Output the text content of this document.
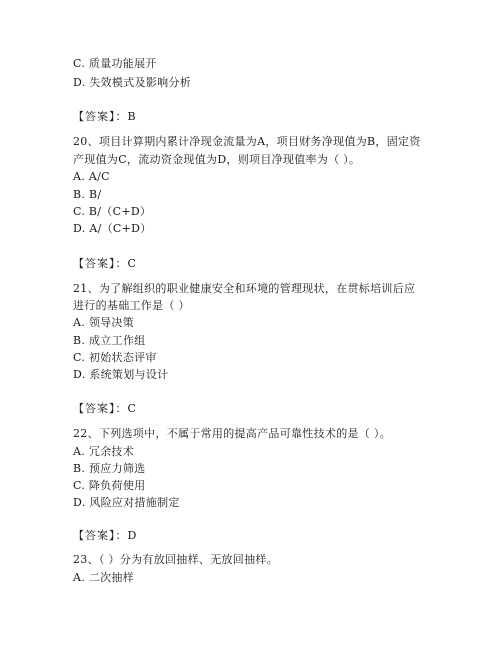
C. 质量功能展开
D. 失效模式及影响分析
【答案】：B
20、项目计算期内累计净现金流量为A，项目财务净现值为B，固定资
产现值为C，流动资金现值为D，则项目净现值率为（ ）。
A. A/C
B. B/
C. B/（C+D）
D. A/（C+D）
【答案】：C
21、为了解组织的职业健康安全和环境的管理现状，在贯标培训后应
进行的基础工作是（ ）
A. 领导决策
B. 成立工作组
C. 初始状态评审
D. 系统策划与设计
【答案】：C
22、下列选项中，不属于常用的提高产品可靠性技术的是（ ）。
A. 冗余技术
B. 预应力筛选
C. 降负荷使用
D. 风险应对措施制定
【答案】：D
23、（ ）分为有放回抽样、无放回抽样。
A. 二次抽样
